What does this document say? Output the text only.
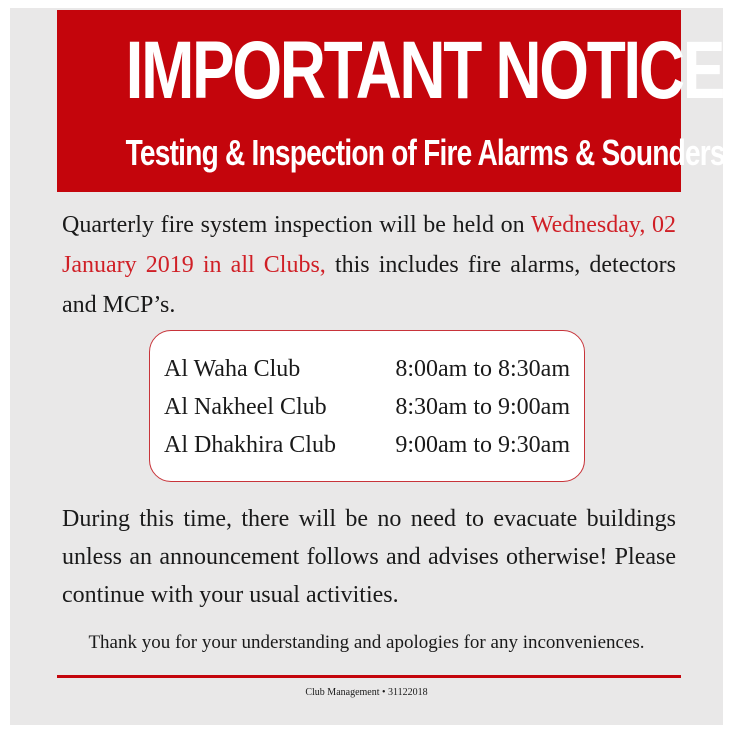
IMPORTANT NOTICE
Testing & Inspection of Fire Alarms & Sounders

Quarterly fire system inspection will be held on Wednesday, 02 January 2019 in all Clubs, this includes fire alarms, detectors and MCP’s.

Al Waha Club	8:00am to 8:30am
Al Nakheel Club	8:30am to 9:00am
Al Dhakhira Club 9:00am to 9:30am

During this time, there will be no need to evacuate buildings unless an announcement follows and advises otherwise! Please continue with your usual activities.

Thank you for your understanding and apologies for any inconveniences.
Club Management • 31122018
